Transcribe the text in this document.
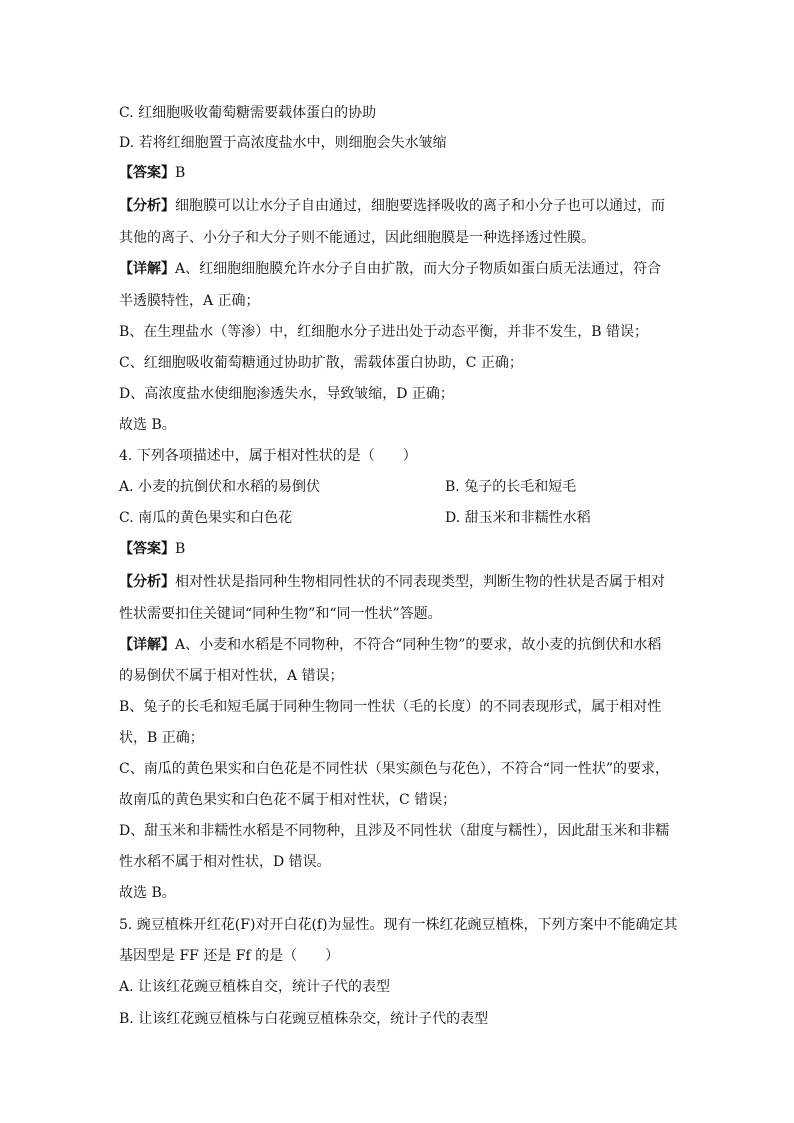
C. 红细胞吸收葡萄糖需要载体蛋白的协助
D. 若将红细胞置于高浓度盐水中，则细胞会失水皱缩
【答案】B
【分析】细胞膜可以让水分子自由通过，细胞要选择吸收的离子和小分子也可以通过，而
其他的离子、小分子和大分子则不能通过，因此细胞膜是一种选择透过性膜。
【详解】A、红细胞细胞膜允许水分子自由扩散，而大分子物质如蛋白质无法通过，符合
半透膜特性，A 正确；
B、在生理盐水（等渗）中，红细胞水分子进出处于动态平衡，并非不发生，B 错误；
C、红细胞吸收葡萄糖通过协助扩散，需载体蛋白协助，C 正确；
D、高浓度盐水使细胞渗透失水，导致皱缩，D 正确；
故选 B。
4. 下列各项描述中，属于相对性状的是（　　）
A. 小麦的抗倒伏和水稻的易倒伏	B. 兔子的长毛和短毛
C. 南瓜的黄色果实和白色花	D. 甜玉米和非糯性水稻
【答案】B
【分析】相对性状是指同种生物相同性状的不同表现类型，判断生物的性状是否属于相对
性状需要扣住关键词“同种生物”和“同一性状”答题。
【详解】A、小麦和水稻是不同物种，不符合“同种生物”的要求，故小麦的抗倒伏和水稻
的易倒伏不属于相对性状，A 错误；
B、兔子的长毛和短毛属于同种生物同一性状（毛的长度）的不同表现形式，属于相对性
状，B 正确；
C、南瓜的黄色果实和白色花是不同性状（果实颜色与花色），不符合“同一性状”的要求，
故南瓜的黄色果实和白色花不属于相对性状，C 错误；
D、甜玉米和非糯性水稻是不同物种，且涉及不同性状（甜度与糯性），因此甜玉米和非糯
性水稻不属于相对性状，D 错误。
故选 B。
5. 豌豆植株开红花(F)对开白花(f)为显性。现有一株红花豌豆植株，下列方案中不能确定其
基因型是 FF 还是 Ff 的是（　　）
A. 让该红花豌豆植株自交，统计子代的表型
B. 让该红花豌豆植株与白花豌豆植株杂交，统计子代的表型
